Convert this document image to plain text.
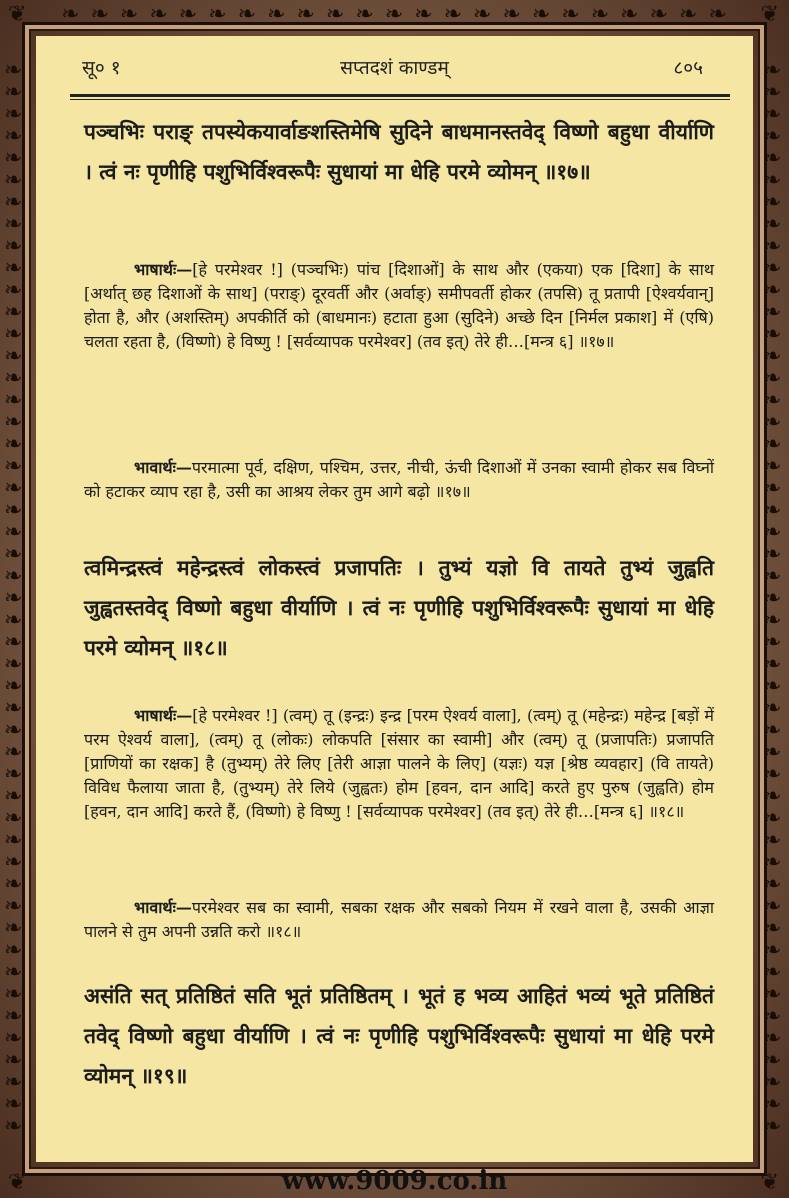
❦	❦
❦	❦
❧ ❧ ❧ ❧ ❧ ❧ ❧ ❧ ❧ ❧ ❧ ❧ ❧ ❧ ❧ ❧ ❧ ❧ ❧ ❧ ❧ ❧ ❧
❧❧❧❧❧❧❧❧❧❧❧❧❧❧❧❧❧❧❧❧❧❧❧❧❧❧❧❧❧❧❧❧❧❧❧❧❧❧❧❧❧❧❧❧❧❧❧❧❧
❧❧❧❧❧❧❧❧❧❧❧❧❧❧❧❧❧❧❧❧❧❧❧❧❧❧❧❧❧❧❧❧❧❧❧❧❧❧❧❧❧❧❧❧❧❧❧❧❧
सू० १	सप्तदशं काण्डम्	८०५
पञ्चभिः पराङ् तपस्येकयार्वाङशस्तिमेषि सुदिने बाधमानस्तवेद् विष्णो बहुधा वीर्याणि । त्वं नः पृणीहि पशुभिर्विश्वरूपैः सुधायां मा धेहि परमे व्योमन् ॥१७॥
भाषार्थः—[हे परमेश्वर !] (पञ्चभिः) पांच [दिशाओं] के साथ और (एकया) एक [दिशा] के साथ [अर्थात् छह दिशाओं के साथ] (पराङ्) दूरवर्ती और (अर्वाङ्) समीपवर्ती होकर (तपसि) तू प्रतापी [ऐश्वर्यवान्] होता है, और (अशस्तिम्) अपकीर्ति को (बाधमानः) हटाता हुआ (सुदिने) अच्छे दिन [निर्मल प्रकाश] में (एषि) चलता रहता है, (विष्णो) हे विष्णु ! [सर्वव्यापक परमेश्वर] (तव इत्) तेरे ही…[मन्त्र ६] ॥१७॥
भावार्थः—परमात्मा पूर्व, दक्षिण, पश्चिम, उत्तर, नीची, ऊंची दिशाओं में उनका स्वामी होकर सब विघ्नों को हटाकर व्याप रहा है, उसी का आश्रय लेकर तुम आगे बढ़ो ॥१७॥
त्वमिन्द्रस्त्वं महेन्द्रस्त्वं लोकस्त्वं प्रजापतिः । तुभ्यं यज्ञो वि तायते तुभ्यं जुह्वति जुह्वतस्तवेद् विष्णो बहुधा वीर्याणि । त्वं नः पृणीहि पशुभिर्विश्वरूपैः सुधायां मा धेहि परमे व्योमन् ॥१८॥
भाषार्थः—[हे परमेश्वर !] (त्वम्) तू (इन्द्रः) इन्द्र [परम ऐश्वर्य वाला], (त्वम्) तू (महेन्द्रः) महेन्द्र [बड़ों में परम ऐश्वर्य वाला], (त्वम्) तू (लोकः) लोकपति [संसार का स्वामी] और (त्वम्) तू (प्रजापतिः) प्रजापति [प्राणियों का रक्षक] है (तुभ्यम्) तेरे लिए [तेरी आज्ञा पालने के लिए] (यज्ञः) यज्ञ [श्रेष्ठ व्यवहार] (वि तायते) विविध फैलाया जाता है, (तुभ्यम्) तेरे लिये (जुह्वतः) होम [हवन, दान आदि] करते हुए पुरुष (जुह्वति) होम [हवन, दान आदि] करते हैं, (विष्णो) हे विष्णु ! [सर्वव्यापक परमेश्वर] (तव इत्) तेरे ही…[मन्त्र ६] ॥१८॥
भावार्थः—परमेश्वर सब का स्वामी, सबका रक्षक और सबको नियम में रखने वाला है, उसकी आज्ञा पालने से तुम अपनी उन्नति करो ॥१८॥
असंति सत् प्रतिष्ठितं सति भूतं प्रतिष्ठितम् । भूतं ह भव्य आहितं भव्यं भूते प्रतिष्ठितं तवेद् विष्णो बहुधा वीर्याणि । त्वं नः पृणीहि पशुभिर्विश्वरूपैः सुधायां मा धेहि परमे व्योमन् ॥१९॥
www.9009.co.in
